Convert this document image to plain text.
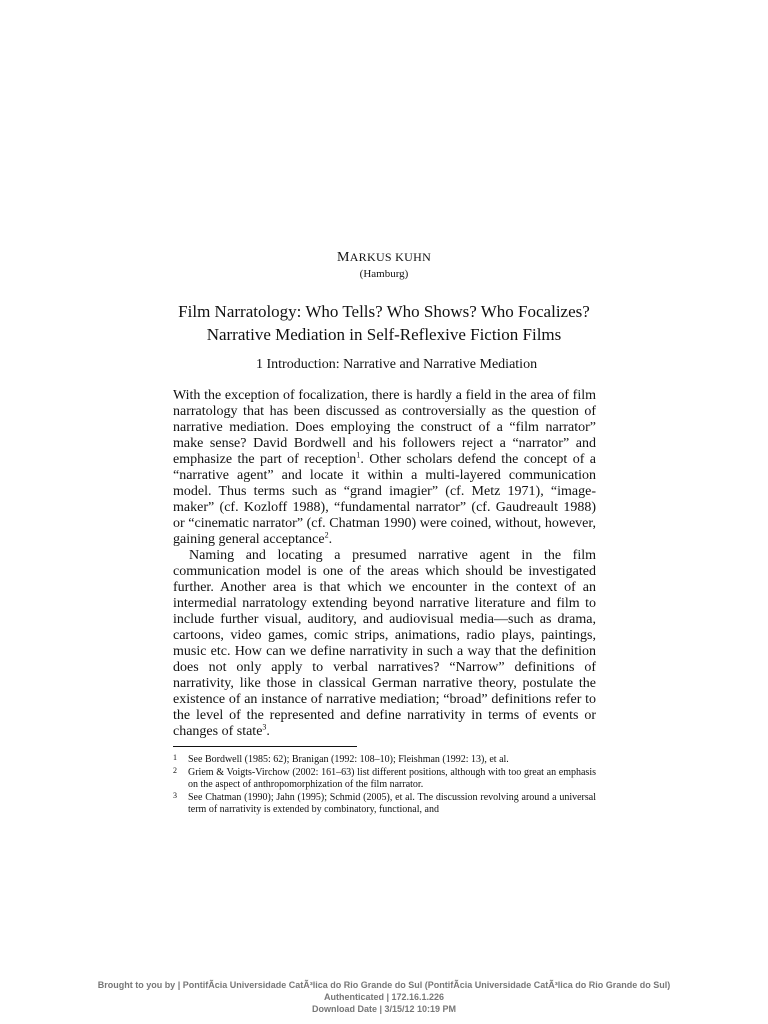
MARKUS KUHN
(Hamburg)
Film Narratology: Who Tells? Who Shows? Who Focalizes?
Narrative Mediation in Self-Reflexive Fiction Films
1 Introduction: Narrative and Narrative Mediation

With the exception of focalization, there is hardly a field in the area of film narratology that has been discussed as controversially as the question of narrative mediation. Does employing the construct of a “film narrator” make sense? David Bordwell and his followers reject a “narrator” and emphasize the part of reception$^1$. Other scholars defend the concept of a “narrative agent” and locate it within a multi-layered communication model. Thus terms such as “grand imagier” (cf. Metz 1971), “image-maker” (cf. Kozloff 1988), “fundamental narrator” (cf. Gaudreault 1988) or “cinematic narrator” (cf. Chatman 1990) were coined, without, however, gaining general acceptance$^2$.

Naming and locating a presumed narrative agent in the film communication model is one of the areas which should be investigated further. Another area is that which we encounter in the context of an intermedial narratology extending beyond narrative literature and film to include further visual, auditory, and audiovisual media—such as drama, cartoons, video games, comic strips, animations, radio plays, paintings, music etc. How can we define narrativity in such a way that the definition does not only apply to verbal narratives? “Narrow” definitions of narrativity, like those in classical German narrative theory, postulate the existence of an instance of narrative mediation; “broad” definitions refer to the level of the represented and define narrativity in terms of events or changes of state$^3$.

1 See Bordwell (1985: 62); Branigan (1992: 108–10); Fleishman (1992: 13), et al.
2 Griem & Voigts-Virchow (2002: 161–63) list different positions, although with too great an emphasis on the aspect of anthropomorphization of the film narrator.
3 See Chatman (1990); Jahn (1995); Schmid (2005), et al. The discussion revolving around a universal term of narrativity is extended by combinatory, functional, and
Brought to you by | PontifÃcia Universidade CatÃ³lica do Rio Grande do Sul (PontifÃcia Universidade CatÃ³lica do Rio Grande do Sul)
Authenticated | 172.16.1.226
Download Date | 3/15/12 10:19 PM
